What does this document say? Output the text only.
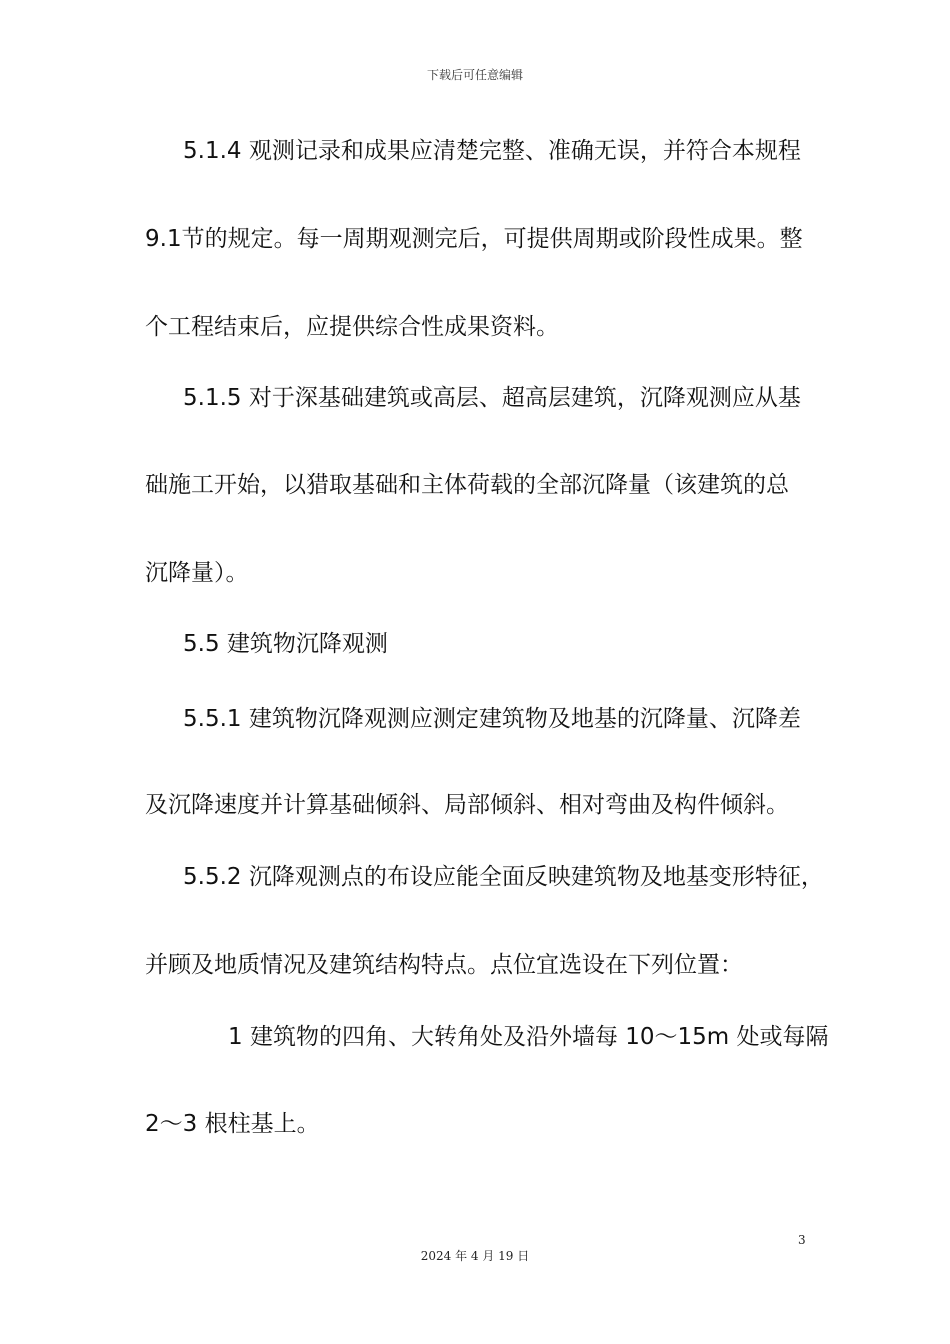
下载后可任意编辑
5.1.4 观测记录和成果应清楚完整、准确无误，并符合本规程
9.1节的规定。每一周期观测完后，可提供周期或阶段性成果。整
个工程结束后，应提供综合性成果资料。
5.1.5 对于深基础建筑或高层、超高层建筑，沉降观测应从基
础施工开始，以猎取基础和主体荷载的全部沉降量（该建筑的总
沉降量）。
5.5 建筑物沉降观测
5.5.1 建筑物沉降观测应测定建筑物及地基的沉降量、沉降差
及沉降速度并计算基础倾斜、局部倾斜、相对弯曲及构件倾斜。
5.5.2 沉降观测点的布设应能全面反映建筑物及地基变形特征，
并顾及地质情况及建筑结构特点。点位宜选设在下列位置：
1 建筑物的四角、大转角处及沿外墙每 10～15m 处或每隔
2～3 根柱基上。
3
2024 年 4 月 19 日
